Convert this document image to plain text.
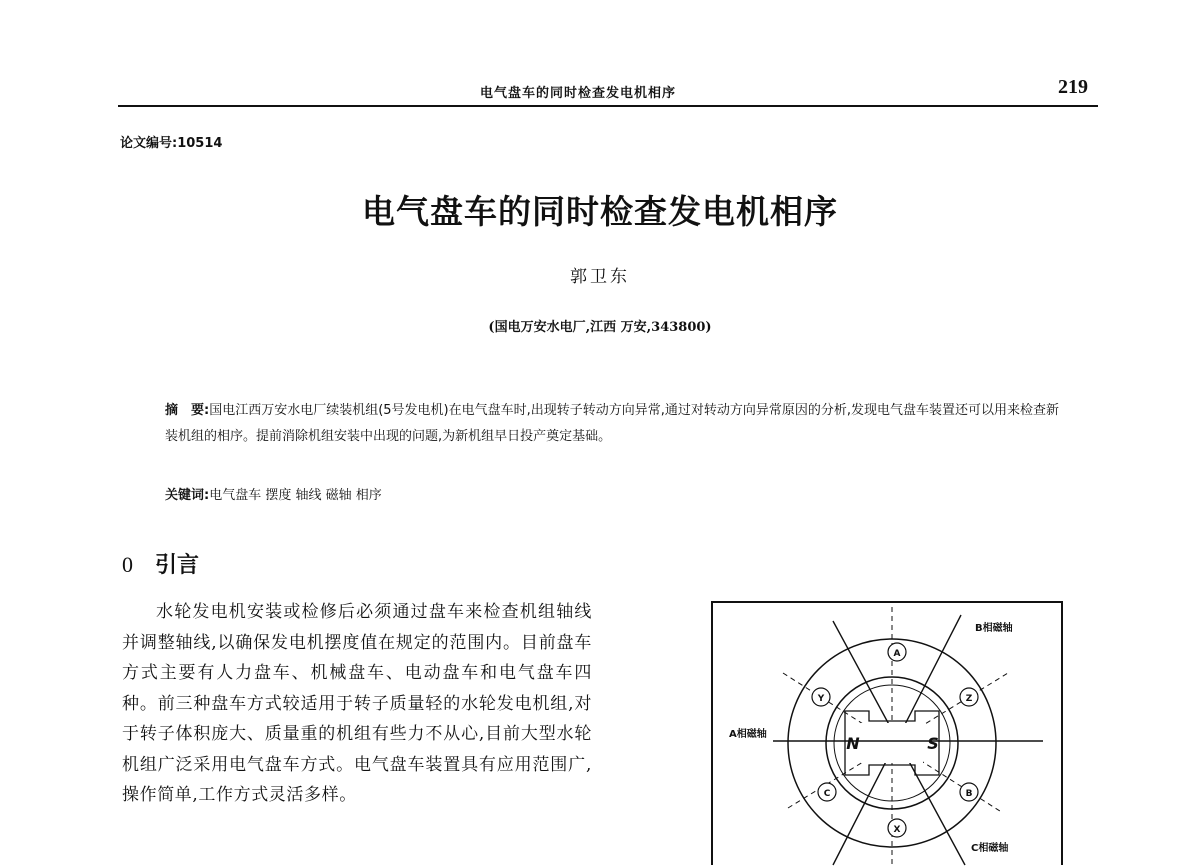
电气盘车的同时检查发电机相序	219
论文编号:10514
电气盘车的同时检查发电机相序
郭卫东
(国电万安水电厂,江西 万安,343800)
摘　要:国电江西万安水电厂续装机组(5号发电机)在电气盘车时,出现转子转动方向异常,通过对转动方向异常原因的分析,发现电气盘车装置还可以用来检查新装机组的相序。提前消除机组安装中出现的问题,为新机组早日投产奠定基础。
关键词:电气盘车 摆度 轴线 磁轴 相序
0 引言
水轮发电机安装或检修后必须通过盘车来检查机组轴线并调整轴线,以确保发电机摆度值在规定的范围内。目前盘车方式主要有人力盘车、机械盘车、电动盘车和电气盘车四种。前三种盘车方式较适用于转子质量轻的水轮发电机组,对于转子体积庞大、质量重的机组有些力不从心,目前大型水轮机组广泛采用电气盘车方式。电气盘车装置具有应用范围广,操作简单,工作方式灵活多样。
A
Z
B
X
C
Y
N	S
B相磁轴
A相磁轴
C相磁轴
